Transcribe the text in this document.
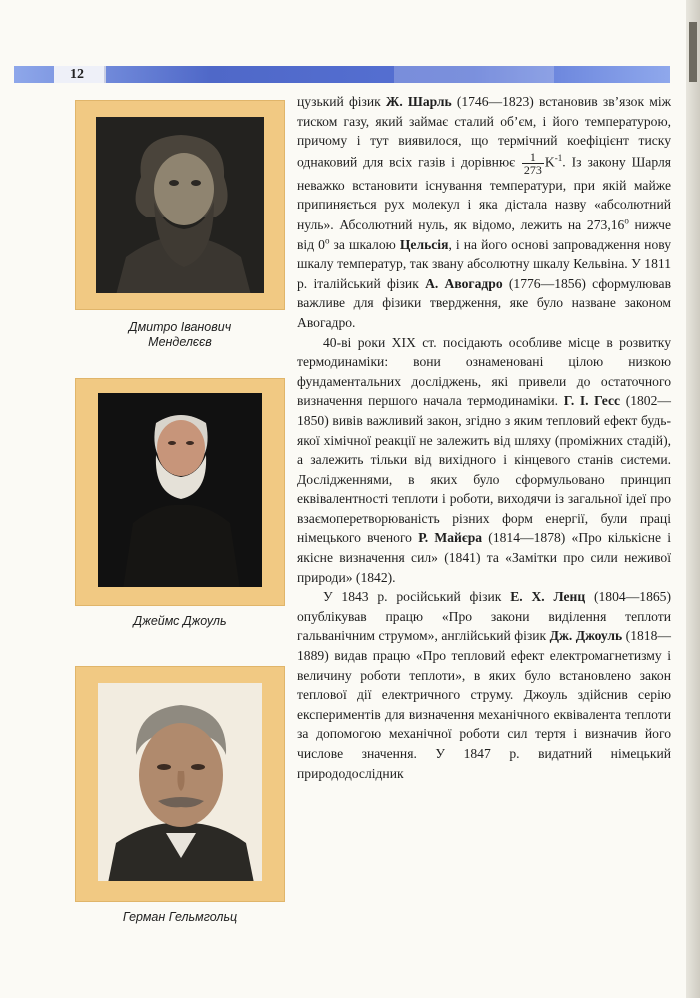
12
Дмитро Іванович
Менделєєв
Джеймс Джоуль
Герман Гельмгольц

цузький фізик Ж. Шарль (1746—1823) встановив зв’язок між тиском газу, який займає сталий об’єм, і його температурою, причому і тут виявилося, що термічний коефіцієнт тиску однаковий для всіх газів і дорівнює $\frac{1}{273} K^{-1}$. Із закону Шарля неважко встановити існування температури, при якій майже припиняється рух молекул і яка дістала назву «абсолютний нуль». Абсолютний нуль, як відомо, лежить на 273,16$^o$ нижче від 0$^o$ за шкалою Цельсія, і на його основі запровадження нову шкалу температур, так звану абсолютну шкалу Кельвіна. У 1811 р. італійський фізик А. Авогадро (1776—1856) сформулював важливе для фізики твердження, яке було назване законом Авогадро.

40-ві роки XIX ст. посідають особливе місце в розвитку термодинаміки: вони ознаменовані цілою низкою фундаментальних досліджень, які привели до остаточного визначення першого начала термодинаміки. Г. І. Гесс (1802—1850) вивів важливий закон, згідно з яким тепловий ефект будь-якої хімічної реакції не залежить від шляху (проміжних стадій), а залежить тільки від вихідного і кінцевого станів системи. Дослідженнями, в яких було сформульовано принцип еквівалентності теплоти і роботи, виходячи із загальної ідеї про взаємоперетворюваність різних форм енергії, були праці німецького вченого Р. Майєра (1814—1878) «Про кількісне і якісне визначення сил» (1841) та «Замітки про сили неживої природи» (1842).

У 1843 р. російський фізик Е. Х. Ленц (1804—1865) опублікував працю «Про закони виділення теплоти гальванічним струмом», англійський фізик Дж. Джоуль (1818—1889) видав працю «Про тепловий ефект електромагнетизму і величину роботи теплоти», в яких було встановлено закон теплової дії електричного струму. Джоуль здійснив серію експериментів для визначення механічного еквівалента теплоти за допомогою механічної роботи сил тертя і визначив його числове значення. У 1847 р. видатний німецький природодослідник
